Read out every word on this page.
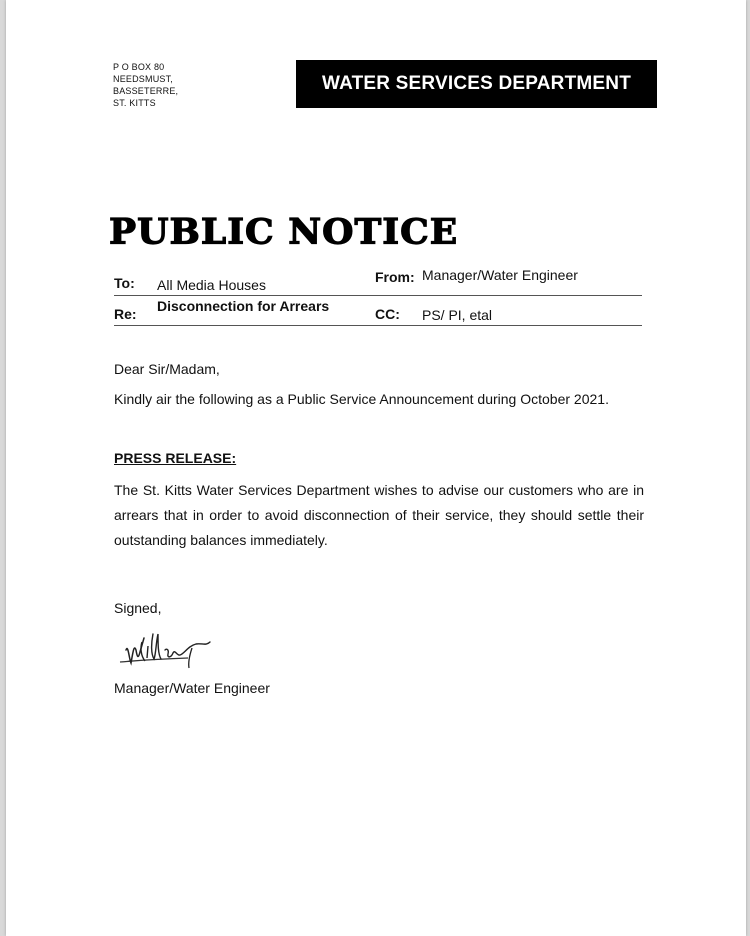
P O BOX 80
NEEDSMUST,
BASSETERRE,
ST. KITTS
WATER SERVICES DEPARTMENT
PUBLIC NOTICE
To: All Media Houses	From: Manager/Water Engineer
Re: Disconnection for Arrears	CC: PS/ PI, etal
Dear Sir/Madam,
Kindly air the following as a Public Service Announcement during October 2021.
PRESS RELEASE:
The St. Kitts Water Services Department wishes to advise our customers who are in arrears that in order to avoid disconnection of their service, they should settle their outstanding balances immediately.
Signed,
Manager/Water Engineer
